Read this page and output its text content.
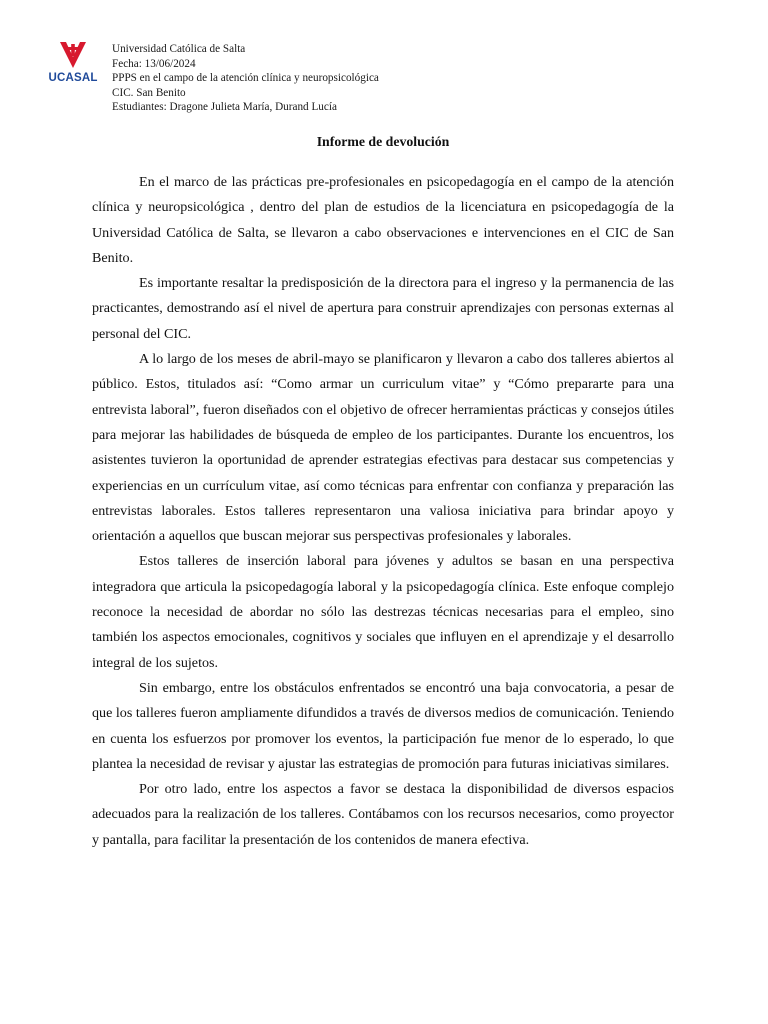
UCASAL
Universidad Católica de Salta
Fecha: 13/06/2024
PPPS en el campo de la atención clínica y neuropsicológica
CIC. San Benito
Estudiantes: Dragone Julieta María, Durand Lucía
Informe de devolución

En el marco de las prácticas pre-profesionales en psicopedagogía en el campo de la atención clínica y neuropsicológica , dentro del plan de estudios de la licenciatura en psicopedagogía de la Universidad Católica de Salta, se llevaron a cabo observaciones e intervenciones en el CIC de San Benito.

Es importante resaltar la predisposición de la directora para el ingreso y la permanencia de las practicantes, demostrando así el nivel de apertura para construir aprendizajes con personas externas al personal del CIC.

A lo largo de los meses de abril-mayo se planificaron y llevaron a cabo dos talleres abiertos al público. Estos, titulados así: “Como armar un curriculum vitae” y “Cómo prepararte para una entrevista laboral”, fueron diseñados con el objetivo de ofrecer herramientas prácticas y consejos útiles para mejorar las habilidades de búsqueda de empleo de los participantes. Durante los encuentros, los asistentes tuvieron la oportunidad de aprender estrategias efectivas para destacar sus competencias y experiencias en un currículum vitae, así como técnicas para enfrentar con confianza y preparación las entrevistas laborales. Estos talleres representaron una valiosa iniciativa para brindar apoyo y orientación a aquellos que buscan mejorar sus perspectivas profesionales y laborales.

Estos talleres de inserción laboral para jóvenes y adultos se basan en una perspectiva integradora que articula la psicopedagogía laboral y la psicopedagogía clínica. Este enfoque complejo reconoce la necesidad de abordar no sólo las destrezas técnicas necesarias para el empleo, sino también los aspectos emocionales, cognitivos y sociales que influyen en el aprendizaje y el desarrollo integral de los sujetos.

Sin embargo, entre los obstáculos enfrentados se encontró una baja convocatoria, a pesar de que los talleres fueron ampliamente difundidos a través de diversos medios de comunicación. Teniendo en cuenta los esfuerzos por promover los eventos, la participación fue menor de lo esperado, lo que plantea la necesidad de revisar y ajustar las estrategias de promoción para futuras iniciativas similares.

Por otro lado, entre los aspectos a favor se destaca la disponibilidad de diversos espacios adecuados para la realización de los talleres. Contábamos con los recursos necesarios, como proyector y pantalla, para facilitar la presentación de los contenidos de manera efectiva.
